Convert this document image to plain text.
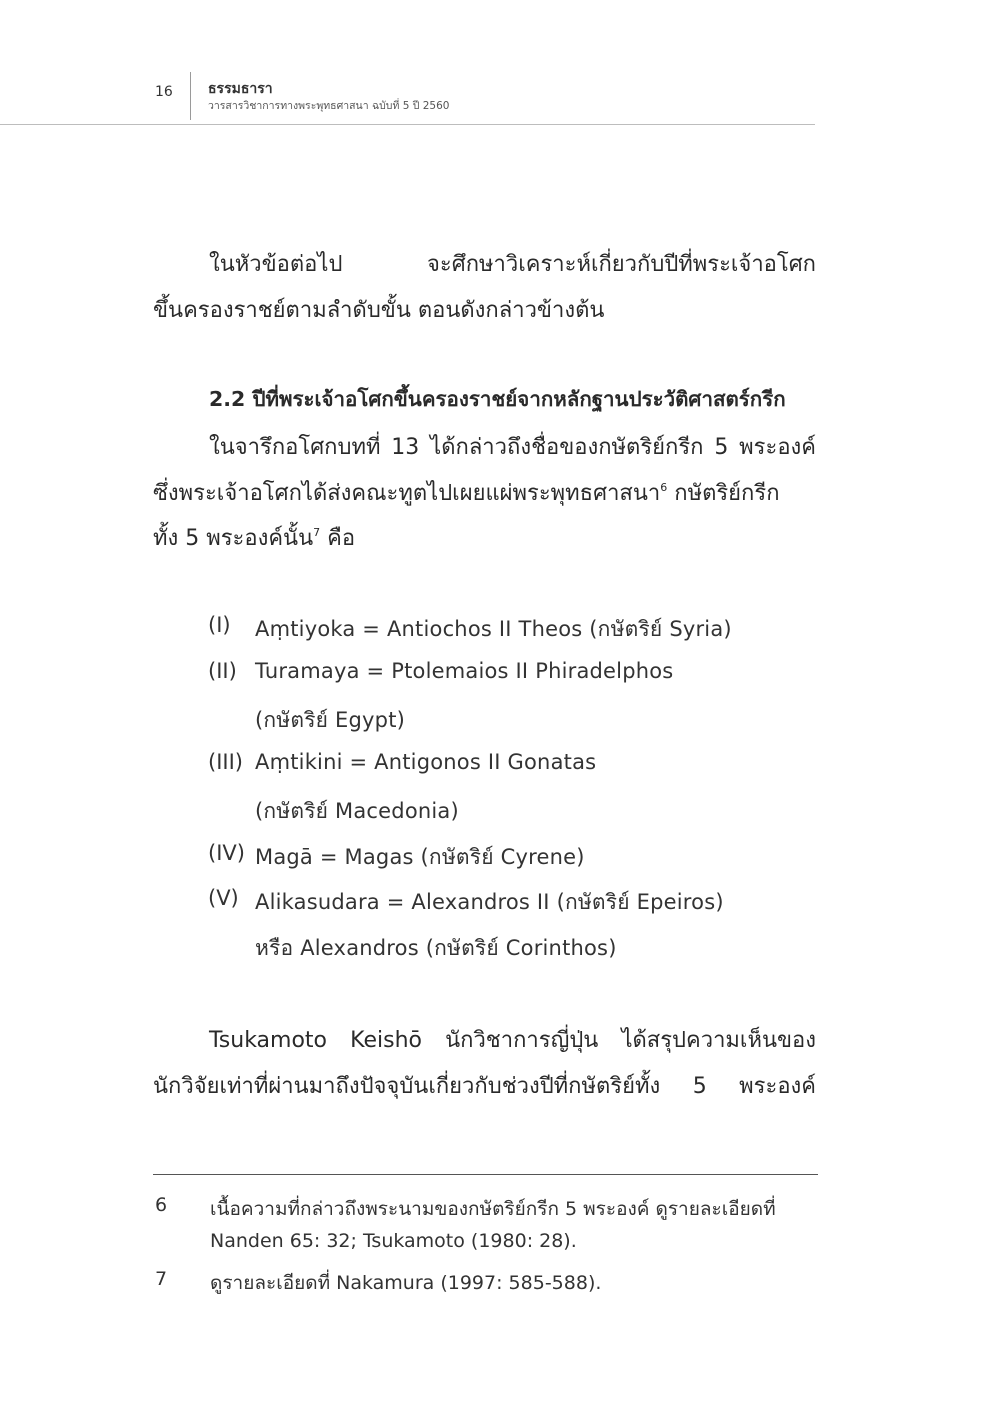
16	ธรรมธารา
วารสารวิชาการทางพระพุทธศาสนา ฉบับที่ 5 ปี 2560
ในหัวข้อต่อไป จะศึกษาวิเคราะห์เกี่ยวกับปีที่พระเจ้าอโศก
ขึ้นครองราชย์ตามลำดับขั้น ตอนดังกล่าวข้างต้น
2.2 ปีที่พระเจ้าอโศกขึ้นครองราชย์จากหลักฐานประวัติศาสตร์กรีก
ในจารึกอโศกบทที่ 13 ได้กล่าวถึงชื่อของกษัตริย์กรีก 5 พระองค์
ซึ่งพระเจ้าอโศกได้ส่งคณะทูตไปเผยแผ่พระพุทธศาสนา$^6$ กษัตริย์กรีก
ทั้ง 5 พระองค์นั้น$^7$ คือ
(I) Aṃtiyoka = Antiochos II Theos (กษัตริย์ Syria)
(II) Turamaya = Ptolemaios II Phiradelphos
(กษัตริย์ Egypt)
(III) Aṃtikini = Antigonos II Gonatas
(กษัตริย์ Macedonia)
(IV) Magā = Magas (กษัตริย์ Cyrene)
(V) Alikasudara = Alexandros II (กษัตริย์ Epeiros)
หรือ Alexandros (กษัตริย์ Corinthos)
Tsukamoto Keishō นักวิชาการญี่ปุ่น ได้สรุปความเห็นของ
นักวิจัยเท่าที่ผ่านมาถึงปัจจุบันเกี่ยวกับช่วงปีที่กษัตริย์ทั้ง 5 พระองค์
6 เนื้อความที่กล่าวถึงพระนามของกษัตริย์กรีก 5 พระองค์ ดูรายละเอียดที่
Nanden 65: 32; Tsukamoto (1980: 28).
7 ดูรายละเอียดที่ Nakamura (1997: 585-588).
